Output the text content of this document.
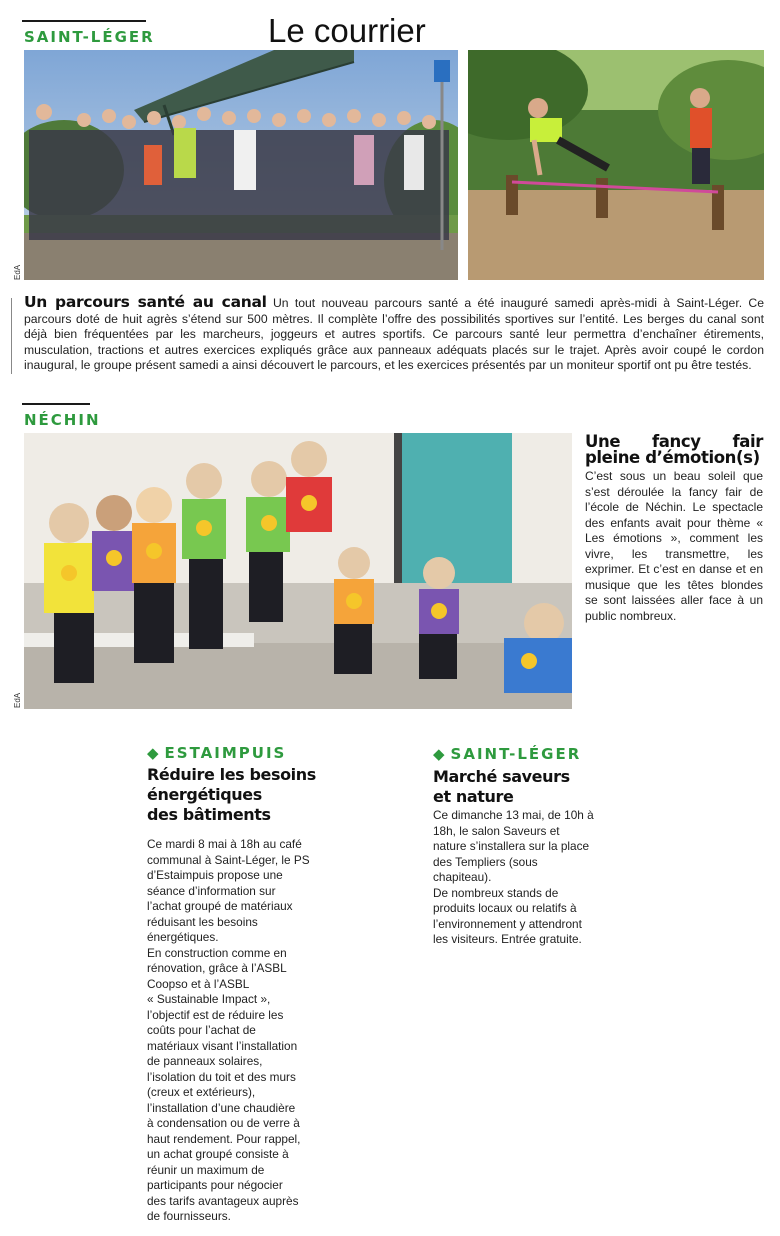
Le courrier
SAINT-LÉGER
EdA
Un parcours santé au canal Un tout nouveau parcours santé a été inauguré samedi après-midi à Saint-Léger. Ce parcours doté de huit agrès s’étend sur 500 mètres. Il complète l’offre des possibilités sportives sur l’entité. Les berges du canal sont déjà bien fréquentées par les marcheurs, joggeurs et autres sportifs. Ce parcours santé leur permettra d’enchaîner étirements, musculation, tractions et autres exercices expliqués grâce aux panneaux adéquats placés sur le trajet. Après avoir coupé le cordon inaugural, le groupe présent samedi a ainsi découvert le parcours, et les exercices présentés par un moniteur sportif ont pu être testés.
NÉCHIN
EdA
Une fancy fair pleine d’émotion(s)
C’est sous un beau soleil que s’est déroulée la fancy fair de l’école de Néchin. Le spectacle des enfants avait pour thème « Les émotions », comment les vivre, les transmettre, les exprimer. Et c’est en danse et en musique que les têtes blondes se sont laissées aller face à un public nombreux.
◆ ESTAIMPUIS
Réduire les besoins
énergétiques
des bâtiments
Ce mardi 8 mai à 18h au café
communal à Saint-Léger, le PS
d’Estaimpuis propose une
séance d’information sur
l’achat groupé de matériaux
réduisant les besoins
énergétiques.
En construction comme en
rénovation, grâce à l’ASBL
Coopso et à l’ASBL
« Sustainable Impact »,
l’objectif est de réduire les
coûts pour l’achat de
matériaux visant l’installation
de panneaux solaires,
l’isolation du toit et des murs
(creux et extérieurs),
l’installation d’une chaudière
à condensation ou de verre à
haut rendement. Pour rappel,
un achat groupé consiste à
réunir un maximum de
participants pour négocier
des tarifs avantageux auprès
de fournisseurs.
◆ SAINT-LÉGER
Marché saveurs
et nature
Ce dimanche 13 mai, de 10h à
18h, le salon Saveurs et
nature s’installera sur la place
des Templiers (sous
chapiteau).
De nombreux stands de
produits locaux ou relatifs à
l’environnement y attendront
les visiteurs. Entrée gratuite.
